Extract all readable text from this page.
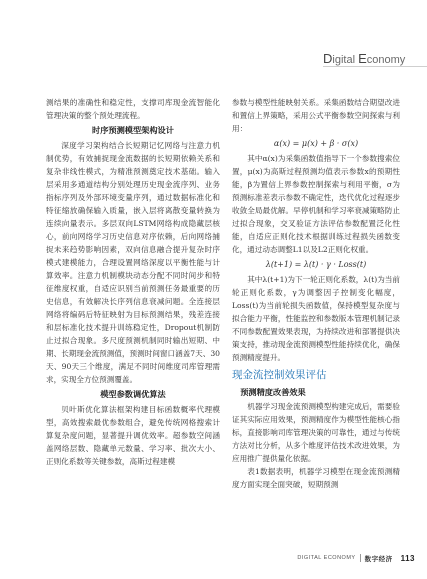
Digital Economy

测结果的准确性和稳定性，支撑司库现金流智能化管理决策的整个预处理流程。

时序预测模型架构设计

深度学习架构结合长短期记忆网络与注意力机制优势，有效捕捉现金流数据的长短期依赖关系和复杂非线性模式，为精准预测奠定技术基础。输入层采用多通道结构分别处理历史现金流序列、业务指标序列及外部环境变量序列，通过数据标准化和特征缩放确保输入质量，嵌入层将离散变量转换为连续向量表示。多层双向LSTM网络构成隐藏层核心，前向网络学习历史信息对序依赖，后向网络捕捉未来趋势影响因素，双向信息融合提升复杂时序模式建模能力，合理设置网络深度以平衡性能与计算效率。注意力机制模块动态分配不同时间步和特征维度权重，自适应识别当前预测任务最重要的历史信息，有效解决长序列信息衰减问题。全连接层网络将编码后特征映射为目标预测结果，残差连接和层标准化技术提升训练稳定性，Dropout机制防止过拟合现象。多尺度预测机制同时输出短期、中期、长期现金流预测值，预测时间窗口涵盖7天、30天、90天三个维度，满足不同时间维度司库管理需求，实现全方位预测覆盖。

模型参数调优算法

贝叶斯优化算法框架构建目标函数概率代理模型，高效搜索最优参数组合，避免传统网格搜索计算复杂度问题，显著提升调优效率。超参数空间涵盖网络层数、隐藏单元数量、学习率、批次大小、正则化系数等关键参数，高斯过程建模

参数与模型性能映射关系。采集函数结合期望改进和置信上界策略，采用公式平衡参数空间探索与利用：

α(x) = μ(x) + β · σ(x)

其中α(x)为采集函数值指导下一个参数搜索位置，μ(x)为高斯过程预测均值表示参数x的预期性能，β为置信上界参数控制探索与利用平衡，σ为预测标准差表示参数不确定性，迭代优化过程逐步收敛全局最优解。早停机制和学习率衰减策略防止过拟合现象，交叉验证方法评估参数配置泛化性能，自适应正则化技术根据训练过程损失函数变化，通过动态调整L1以及L2正则化权重。

λ(t+1) = λ(t) · γ · Loss(t)

其中λ(t+1)为下一轮正则化系数，λ(t)为当前轮正则化系数，γ为调整因子控制变化幅度，Loss(t)为当前轮损失函数值，保持模型复杂度与拟合能力平衡，性能监控和参数版本管理机制记录不同参数配置效果表现，为持续改进和部署提供决策支持，推动现金流预测模型性能持续优化，确保预测精度提升。

现金流控制效果评估
预测精度改善效果

机器学习现金流预测模型构建完成后，需要验证其实际应用效果，预测精度作为模型性能核心指标，直接影响司库管理决策的可靠性，通过与传统方法对比分析，从多个维度评估技术改进效果，为应用推广提供量化依据。

表1数据表明，机器学习模型在现金流预测精度方面实现全面突破，短期预测

DIGITAL ECONOMY 数字经济 113
